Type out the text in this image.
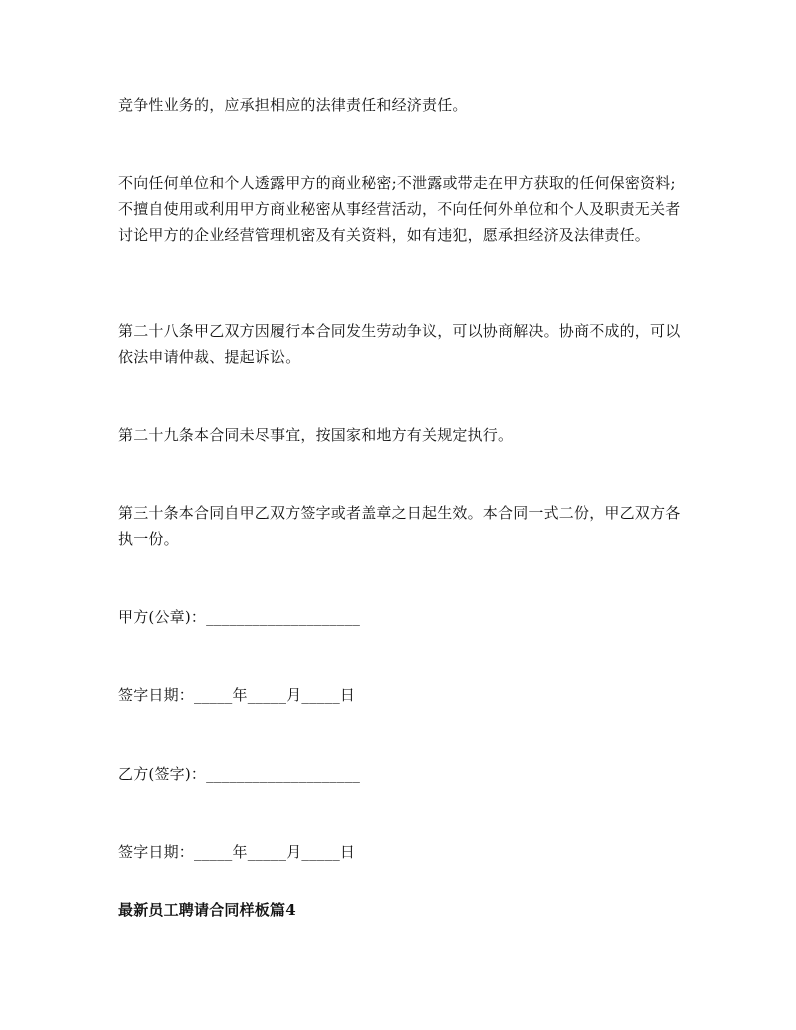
竞争性业务的，应承担相应的法律责任和经济责任。

不向任何单位和个人透露甲方的商业秘密;不泄露或带走在甲方获取的任何保密资料;不擅自使用或利用甲方商业秘密从事经营活动，不向任何外单位和个人及职责无关者讨论甲方的企业经营管理机密及有关资料，如有违犯，愿承担经济及法律责任。

第二十八条甲乙双方因履行本合同发生劳动争议，可以协商解决。协商不成的，可以依法申请仲裁、提起诉讼。

第二十九条本合同未尽事宜，按国家和地方有关规定执行。

第三十条本合同自甲乙双方签字或者盖章之日起生效。本合同一式二份，甲乙双方各执一份。

甲方(公章)：____________________

签字日期：_____年_____月_____日

乙方(签字)：____________________

签字日期：_____年_____月_____日

最新员工聘请合同样板篇4
